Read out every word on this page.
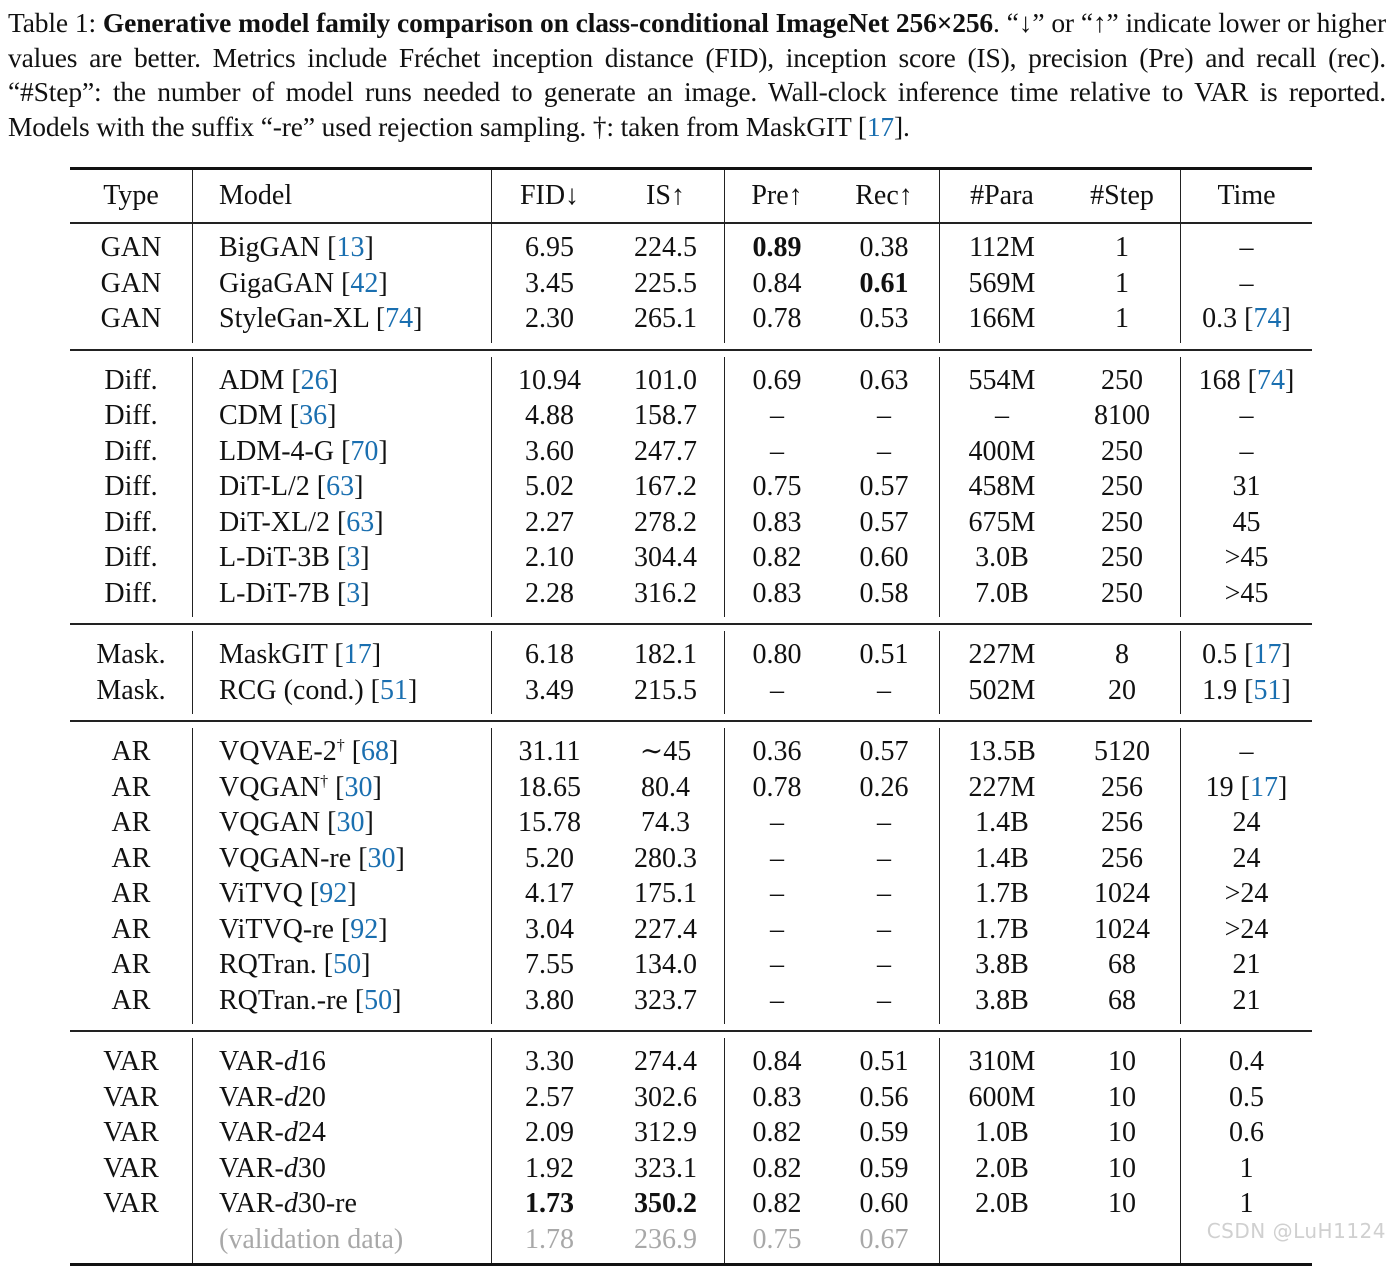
Table 1: Generative model family comparison on class-conditional ImageNet 256×256. “↓” or “↑” indicate lower or higher values are better. Metrics include Fréchet inception distance (FID), inception score (IS), precision (Pre) and recall (rec). “#Step”: the number of model runs needed to generate an image. Wall-clock inference time relative to VAR is reported. Models with the suffix “-re” used rejection sampling. †: taken from MaskGIT [17].
Type	Model	FID↓	IS↑	Pre↑	Rec↑	#Para	#Step	Time

GAN	BigGAN [13]	6.95	224.5	0.89	0.38	112M	1	–
GAN	GigaGAN [42]	3.45	225.5	0.84	0.61	569M	1	–
GAN	StyleGan-XL [74]	2.30	265.1	0.78	0.53	166M	1	0.3 [74]

Diff.	ADM [26]	10.94	101.0	0.69	0.63	554M	250	168 [74]
Diff.	CDM [36]	4.88	158.7	–	–	–	8100	–
Diff.	LDM-4-G [70]	3.60	247.7	–	–	400M	250	–
Diff.	DiT-L/2 [63]	5.02	167.2	0.75	0.57	458M	250	31
Diff.	DiT-XL/2 [63]	2.27	278.2	0.83	0.57	675M	250	45
Diff.	L-DiT-3B [3]	2.10	304.4	0.82	0.60	3.0B	250	>45
Diff.	L-DiT-7B [3]	2.28	316.2	0.83	0.58	7.0B	250	>45

Mask.	MaskGIT [17]	6.18	182.1	0.80	0.51	227M	8	0.5 [17]
Mask.	RCG (cond.) [51]	3.49	215.5	–	–	502M	20	1.9 [51]

AR	VQVAE-2† [68]	31.11	∼45	0.36	0.57	13.5B	5120	–
AR	VQGAN† [30]	18.65	80.4	0.78	0.26	227M	256	19 [17]
AR	VQGAN [30]	15.78	74.3	–	–	1.4B	256	24
AR	VQGAN-re [30]	5.20	280.3	–	–	1.4B	256	24
AR	ViTVQ [92]	4.17	175.1	–	–	1.7B	1024	>24
AR	ViTVQ-re [92]	3.04	227.4	–	–	1.7B	1024	>24
AR	RQTran. [50]	7.55	134.0	–	–	3.8B	68	21
AR	RQTran.-re [50]	3.80	323.7	–	–	3.8B	68	21

VAR	VAR-d16	3.30	274.4	0.84	0.51	310M	10	0.4
VAR	VAR-d20	2.57	302.6	0.83	0.56	600M	10	0.5
VAR	VAR-d24	2.09	312.9	0.82	0.59	1.0B	10	0.6
VAR	VAR-d30	1.92	323.1	0.82	0.59	2.0B	10	1
VAR	VAR-d30-re	1.73	350.2	0.82	0.60	2.0B	10	1
	(validation data)	1.78	236.9	0.75	0.67			
									CSDN @LuH1124
